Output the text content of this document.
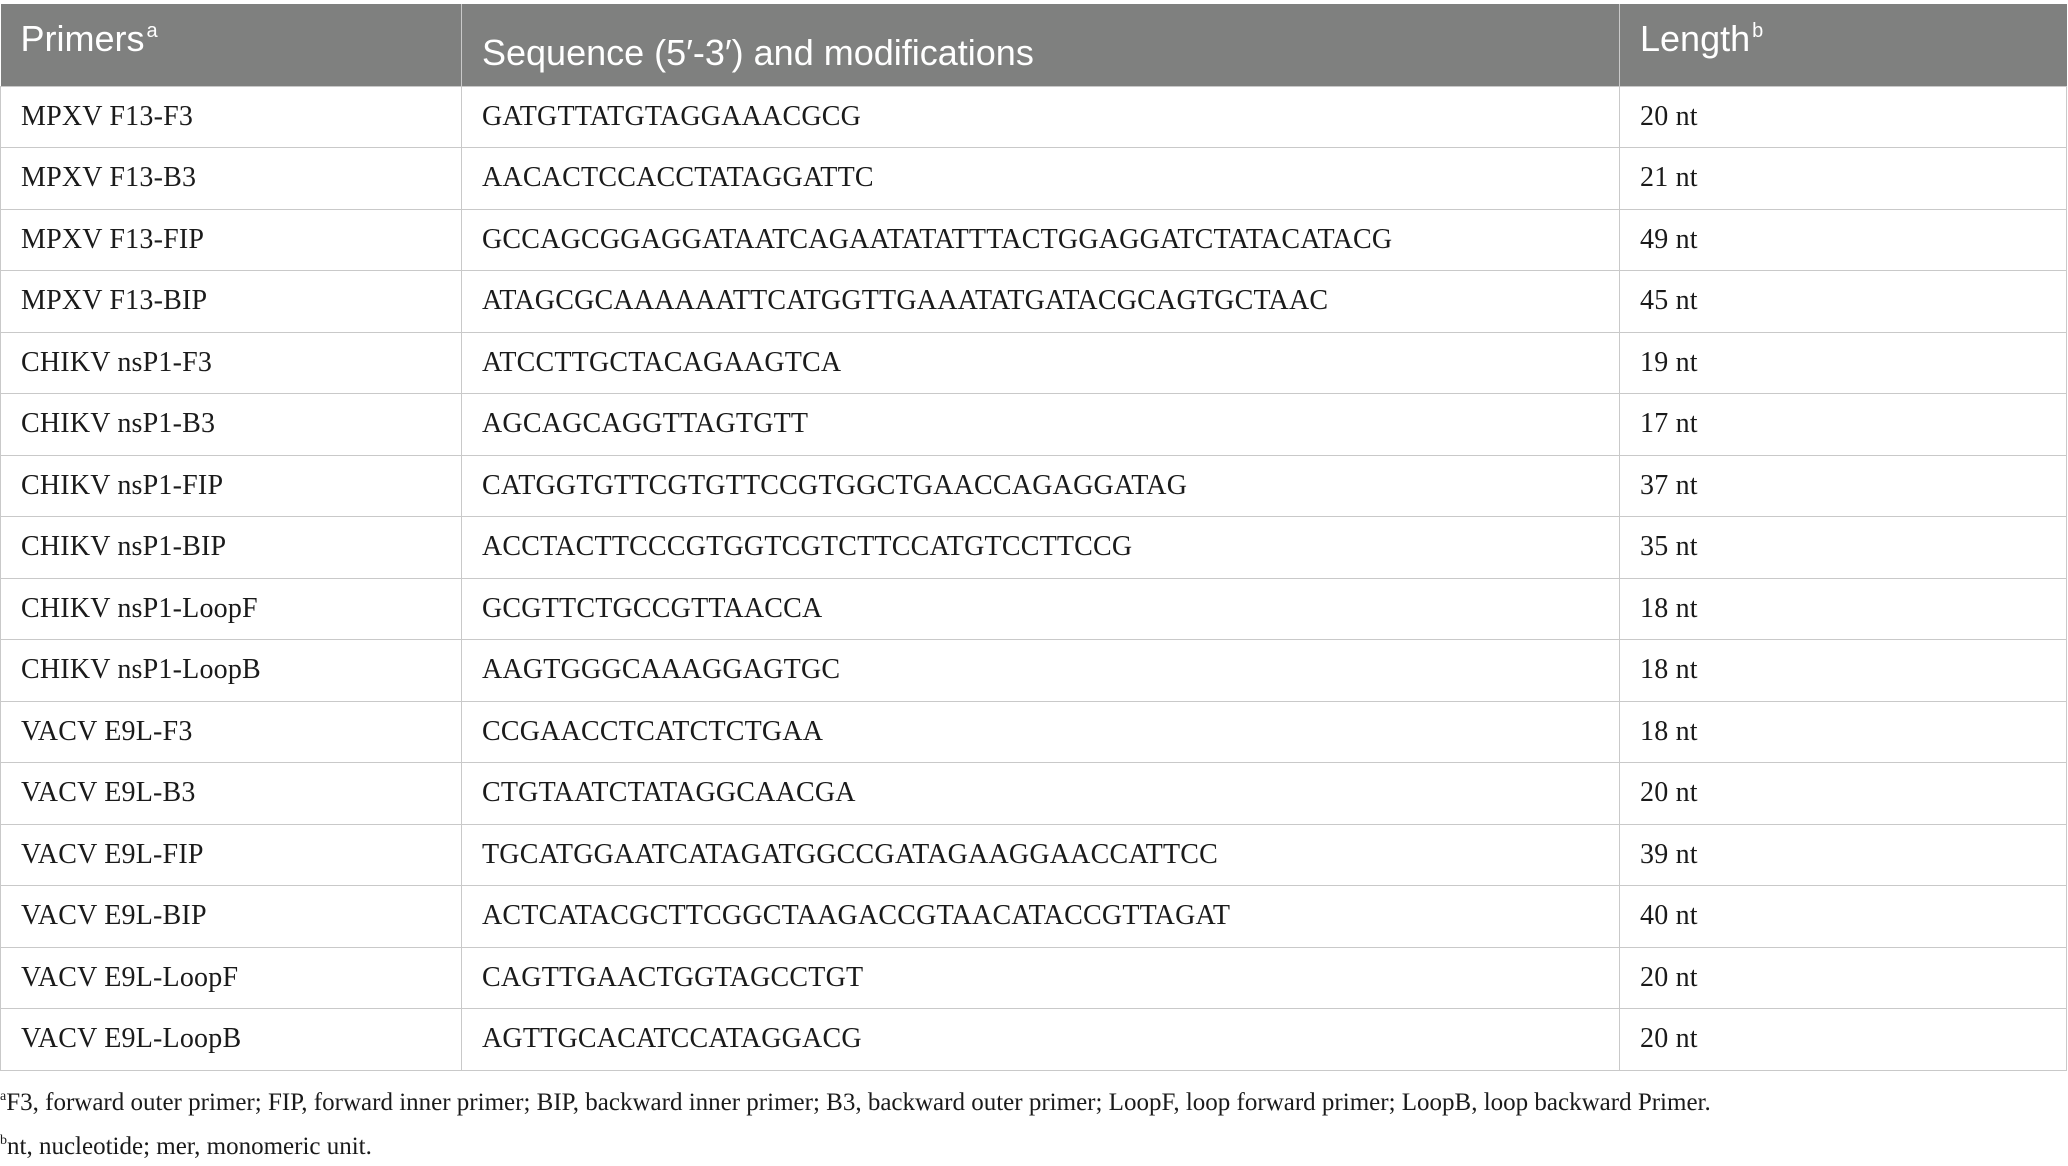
Primers $^a$	Sequence (5′-3′) and modifications	Length $^b$
MPXV F13-F3	GATGTTATGTAGGAAACGCG	20 nt
MPXV F13-B3	AACACTCCACCTATAGGATTC	21 nt
MPXV F13-FIP	GCCAGCGGAGGATAATCAGAATATATTTACTGGAGGATCTATACATACG	49 nt
MPXV F13-BIP	ATAGCGCAAAAAATTCATGGTTGAAATATGATACGCAGTGCTAAC	45 nt
CHIKV nsP1-F3	ATCCTTGCTACAGAAGTCA	19 nt
CHIKV nsP1-B3	AGCAGCAGGTTAGTGTT	17 nt
CHIKV nsP1-FIP	CATGGTGTTCGTGTTCCGTGGCTGAACCAGAGGATAG	37 nt
CHIKV nsP1-BIP	ACCTACTTCCCGTGGTCGTCTTCCATGTCCTTCCG	35 nt
CHIKV nsP1-LoopF	GCGTTCTGCCGTTAACCA	18 nt
CHIKV nsP1-LoopB	AAGTGGGCAAAGGAGTGC	18 nt
VACV E9L-F3	CCGAACCTCATCTCTGAA	18 nt
VACV E9L-B3	CTGTAATCTATAGGCAACGA	20 nt
VACV E9L-FIP	TGCATGGAATCATAGATGGCCGATAGAAGGAACCATTCC	39 nt
VACV E9L-BIP	ACTCATACGCTTCGGCTAAGACCGTAACATACCGTTAGAT	40 nt
VACV E9L-LoopF	CAGTTGAACTGGTAGCCTGT	20 nt
VACV E9L-LoopB	AGTTGCACATCCATAGGACG	20 nt
$^a$F3, forward outer primer; FIP, forward inner primer; BIP, backward inner primer; B3, backward outer primer; LoopF, loop forward primer; LoopB, loop backward Primer.
$^b$nt, nucleotide; mer, monomeric unit.
